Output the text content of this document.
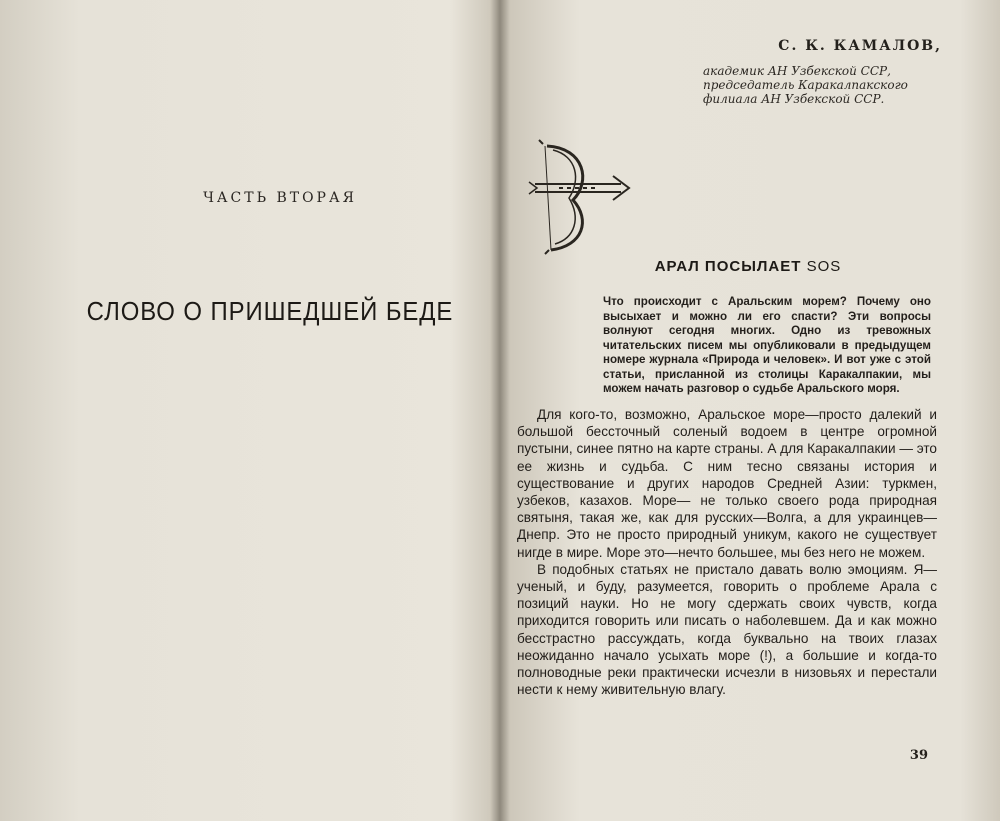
ЧАСТЬ ВТОРАЯ
СЛОВО О ПРИШЕДШЕЙ БЕДЕ
С. К. КАМАЛОВ,
академик АН Узбекской ССР, председатель Каракалпакского филиала АН Узбекской ССР.
АРАЛ ПОСЫЛАЕТ SOS
Что происходит с Аральским морем? Почему оно высыхает и можно ли его спасти? Эти вопросы волнуют сегодня многих. Одно из тревожных читательских писем мы опубликовали в предыдущем номере журнала «Природа и человек». И вот уже с этой статьи, присланной из столицы Каракалпакии, мы можем начать разговор о судьбе Аральского моря.

Для кого-то, возможно, Аральское море—просто далекий и большой бессточный соленый водоем в центре огромной пустыни, синее пятно на карте страны. А для Каракалпакии — это ее жизнь и судьба. С ним тесно связаны история и существование и других народов Средней Азии: туркмен, узбеков, казахов. Море— не только своего рода природная святыня, такая же, как для русских—Волга, а для украинцев—Днепр. Это не просто природный уникум, какого не существует нигде в мире. Море это—нечто большее, мы без него не можем.

В подобных статьях не пристало давать волю эмоциям. Я—ученый, и буду, разумеется, говорить о проблеме Арала с позиций науки. Но не могу сдержать своих чувств, когда приходится говорить или писать о наболевшем. Да и как можно бесстрастно рассуждать, когда буквально на твоих глазах неожиданно начало усыхать море (!), а большие и когда-то полноводные реки практически исчезли в низовьях и перестали нести к нему живительную влагу.

39
